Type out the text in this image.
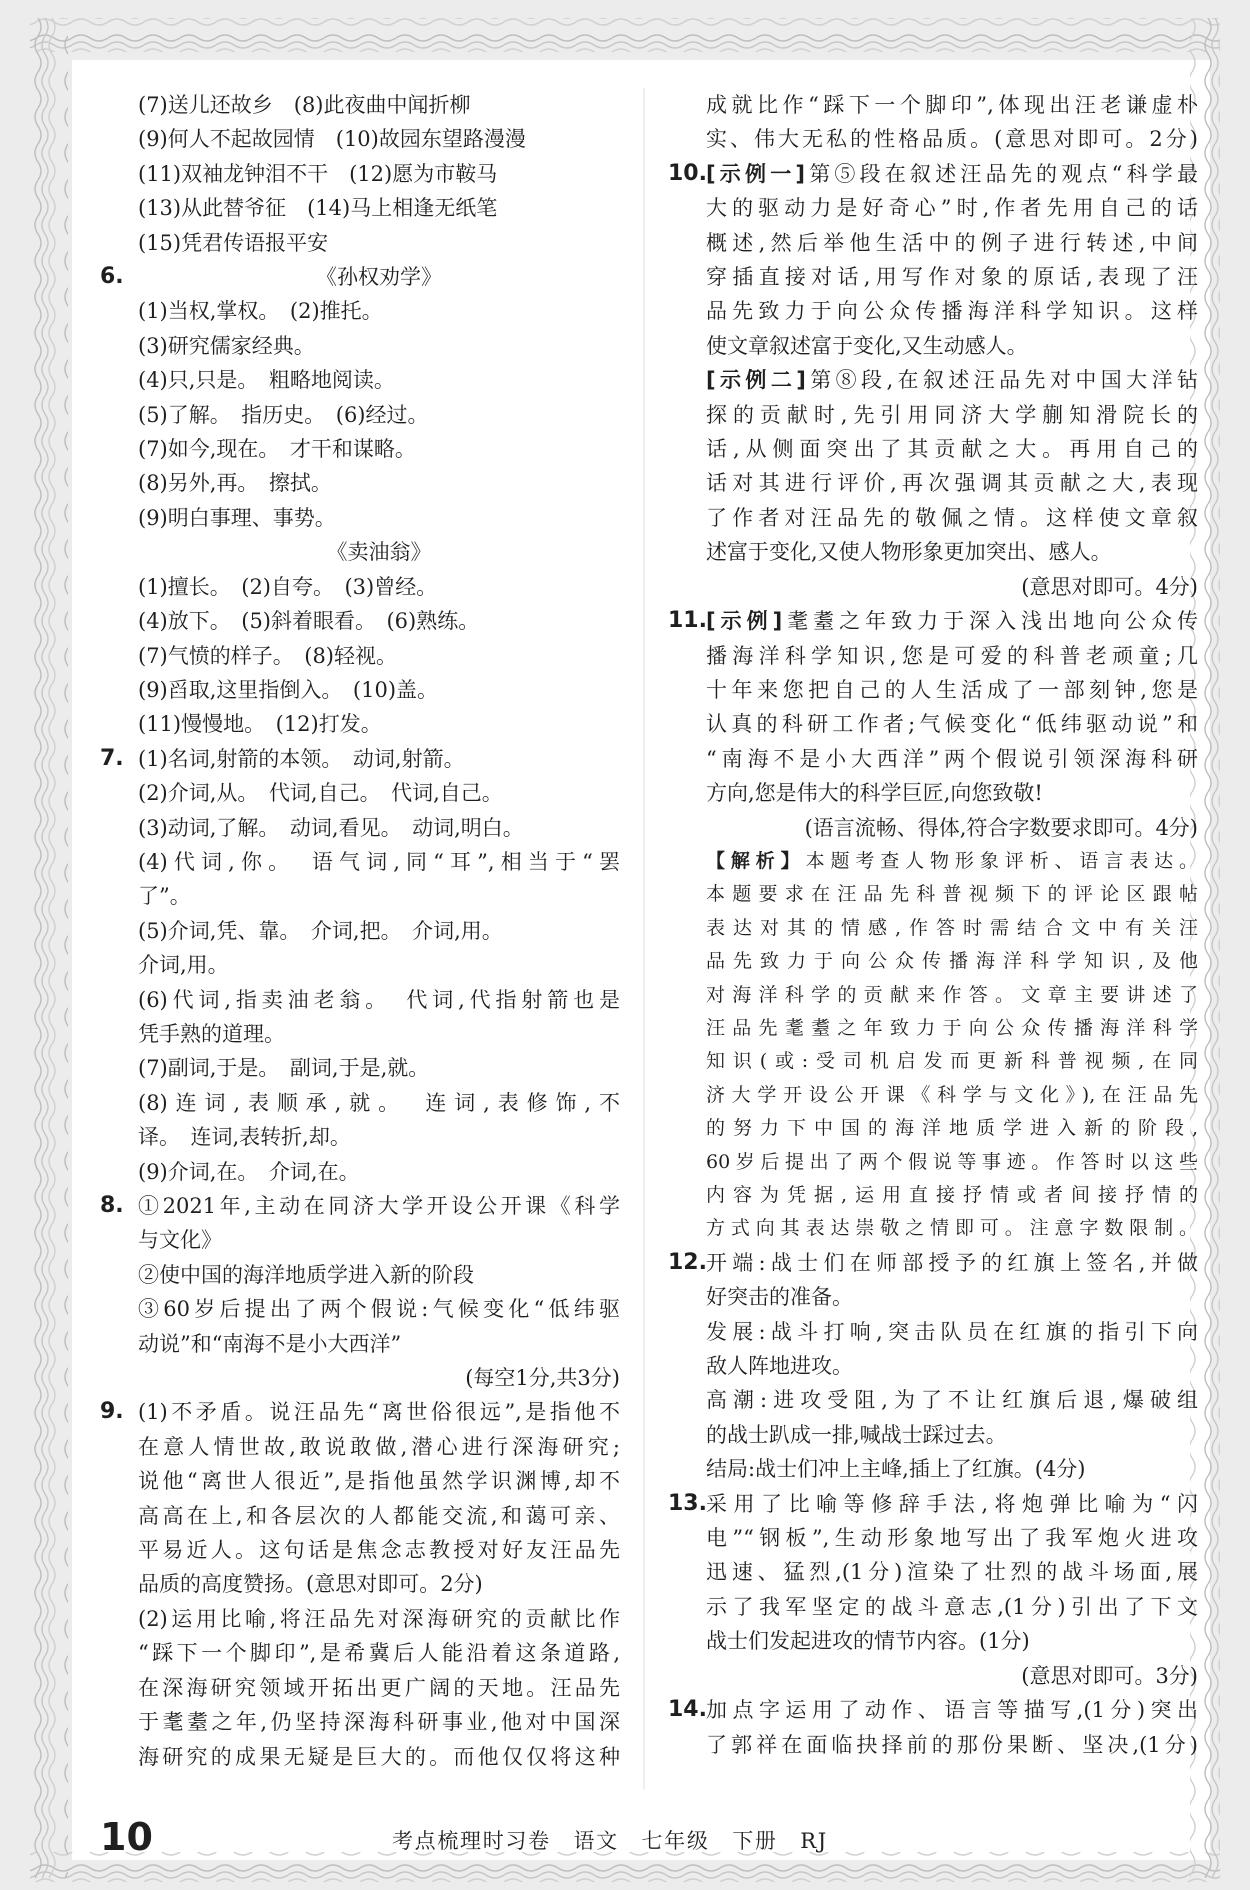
(7)送儿还故乡　(8)此夜曲中闻折柳
(9)何人不起故园情　(10)故园东望路漫漫
(11)双袖龙钟泪不干　(12)愿为市鞍马
(13)从此替爷征　(14)马上相逢无纸笔
(15)凭君传语报平安
6.	《孙权劝学》
(1)当权,掌权。　(2)推托。
(3)研究儒家经典。
(4)只,只是。　粗略地阅读。
(5)了解。　指历史。　(6)经过。
(7)如今,现在。　才干和谋略。
(8)另外,再。　擦拭。
(9)明白事理、事势。
《卖油翁》
(1)擅长。　(2)自夸。　(3)曾经。
(4)放下。　(5)斜着眼看。　(6)熟练。
(7)气愤的样子。　(8)轻视。
(9)舀取,这里指倒入。　(10)盖。
(11)慢慢地。　(12)打发。
7. (1)名词,射箭的本领。　动词,射箭。
(2)介词,从。　代词,自己。　代词,自己。
(3)动词,了解。　动词,看见。　动词,明白。
(4)代词,你。　语气词,同“耳”,相当于“罢
了”。
(5)介词,凭、靠。　介词,把。　介词,用。
介词,用。
(6)代词,指卖油老翁。　代词,代指射箭也是
凭手熟的道理。
(7)副词,于是。　副词,于是,就。
(8)连词,表顺承,就。　连词,表修饰,不
译。　连词,表转折,却。
(9)介词,在。　介词,在。
8. ①2021年,主动在同济大学开设公开课《科学
与文化》
②使中国的海洋地质学进入新的阶段
③60岁后提出了两个假说:气候变化“低纬驱
动说”和“南海不是小大西洋”
(每空1分,共3分)
9. (1)不矛盾。说汪品先“离世俗很远”,是指他不
在意人情世故,敢说敢做,潜心进行深海研究;
说他“离世人很近”,是指他虽然学识渊博,却不
高高在上,和各层次的人都能交流,和蔼可亲、
平易近人。这句话是焦念志教授对好友汪品先
品质的高度赞扬。(意思对即可。2分)
(2)运用比喻,将汪品先对深海研究的贡献比作
“踩下一个脚印”,是希冀后人能沿着这条道路,
在深海研究领域开拓出更广阔的天地。汪品先
于耄耋之年,仍坚持深海科研事业,他对中国深
海研究的成果无疑是巨大的。而他仅仅将这种
成就比作“踩下一个脚印”,体现出汪老谦虚朴
实、伟大无私的性格品质。(意思对即可。2分)
10. [示例一]第⑤段在叙述汪品先的观点“科学最
大的驱动力是好奇心”时,作者先用自己的话
概述,然后举他生活中的例子进行转述,中间
穿插直接对话,用写作对象的原话,表现了汪
品先致力于向公众传播海洋科学知识。这样
使文章叙述富于变化,又生动感人。
[示例二]第⑧段,在叙述汪品先对中国大洋钻
探的贡献时,先引用同济大学蒯知滑院长的
话,从侧面突出了其贡献之大。再用自己的
话对其进行评价,再次强调其贡献之大,表现
了作者对汪品先的敬佩之情。这样使文章叙
述富于变化,又使人物形象更加突出、感人。
(意思对即可。4分)
11. [示例]耄耋之年致力于深入浅出地向公众传
播海洋科学知识,您是可爱的科普老顽童;几
十年来您把自己的人生活成了一部刻钟,您是
认真的科研工作者;气候变化“低纬驱动说”和
“南海不是小大西洋”两个假说引领深海科研
方向,您是伟大的科学巨匠,向您致敬!
(语言流畅、得体,符合字数要求即可。4分)
【解析】本题考查人物形象评析、语言表达。
本题要求在汪品先科普视频下的评论区跟帖
表达对其的情感,作答时需结合文中有关汪
品先致力于向公众传播海洋科学知识,及他
对海洋科学的贡献来作答。文章主要讲述了
汪品先耄耋之年致力于向公众传播海洋科学
知识(或:受司机启发而更新科普视频,在同
济大学开设公开课《科学与文化》),在汪品先
的努力下中国的海洋地质学进入新的阶段,
60岁后提出了两个假说等事迹。作答时以这些
内容为凭据,运用直接抒情或者间接抒情的
方式向其表达崇敬之情即可。注意字数限制。
12. 开端:战士们在师部授予的红旗上签名,并做
好突击的准备。
发展:战斗打响,突击队员在红旗的指引下向
敌人阵地进攻。
高潮:进攻受阻,为了不让红旗后退,爆破组
的战士趴成一排,喊战士踩过去。
结局:战士们冲上主峰,插上了红旗。(4分)
13. 采用了比喻等修辞手法,将炮弹比喻为“闪
电”“钢板”,生动形象地写出了我军炮火进攻
迅速、猛烈,(1分)渲染了壮烈的战斗场面,展
示了我军坚定的战斗意志,(1分)引出了下文
战士们发起进攻的情节内容。(1分)
(意思对即可。3分)
14. 加点字运用了动作、语言等描写,(1分)突出
了郭祥在面临抉择前的那份果断、坚决,(1分)
10	考点梳理时习卷　语文　七年级　下册　RJ
